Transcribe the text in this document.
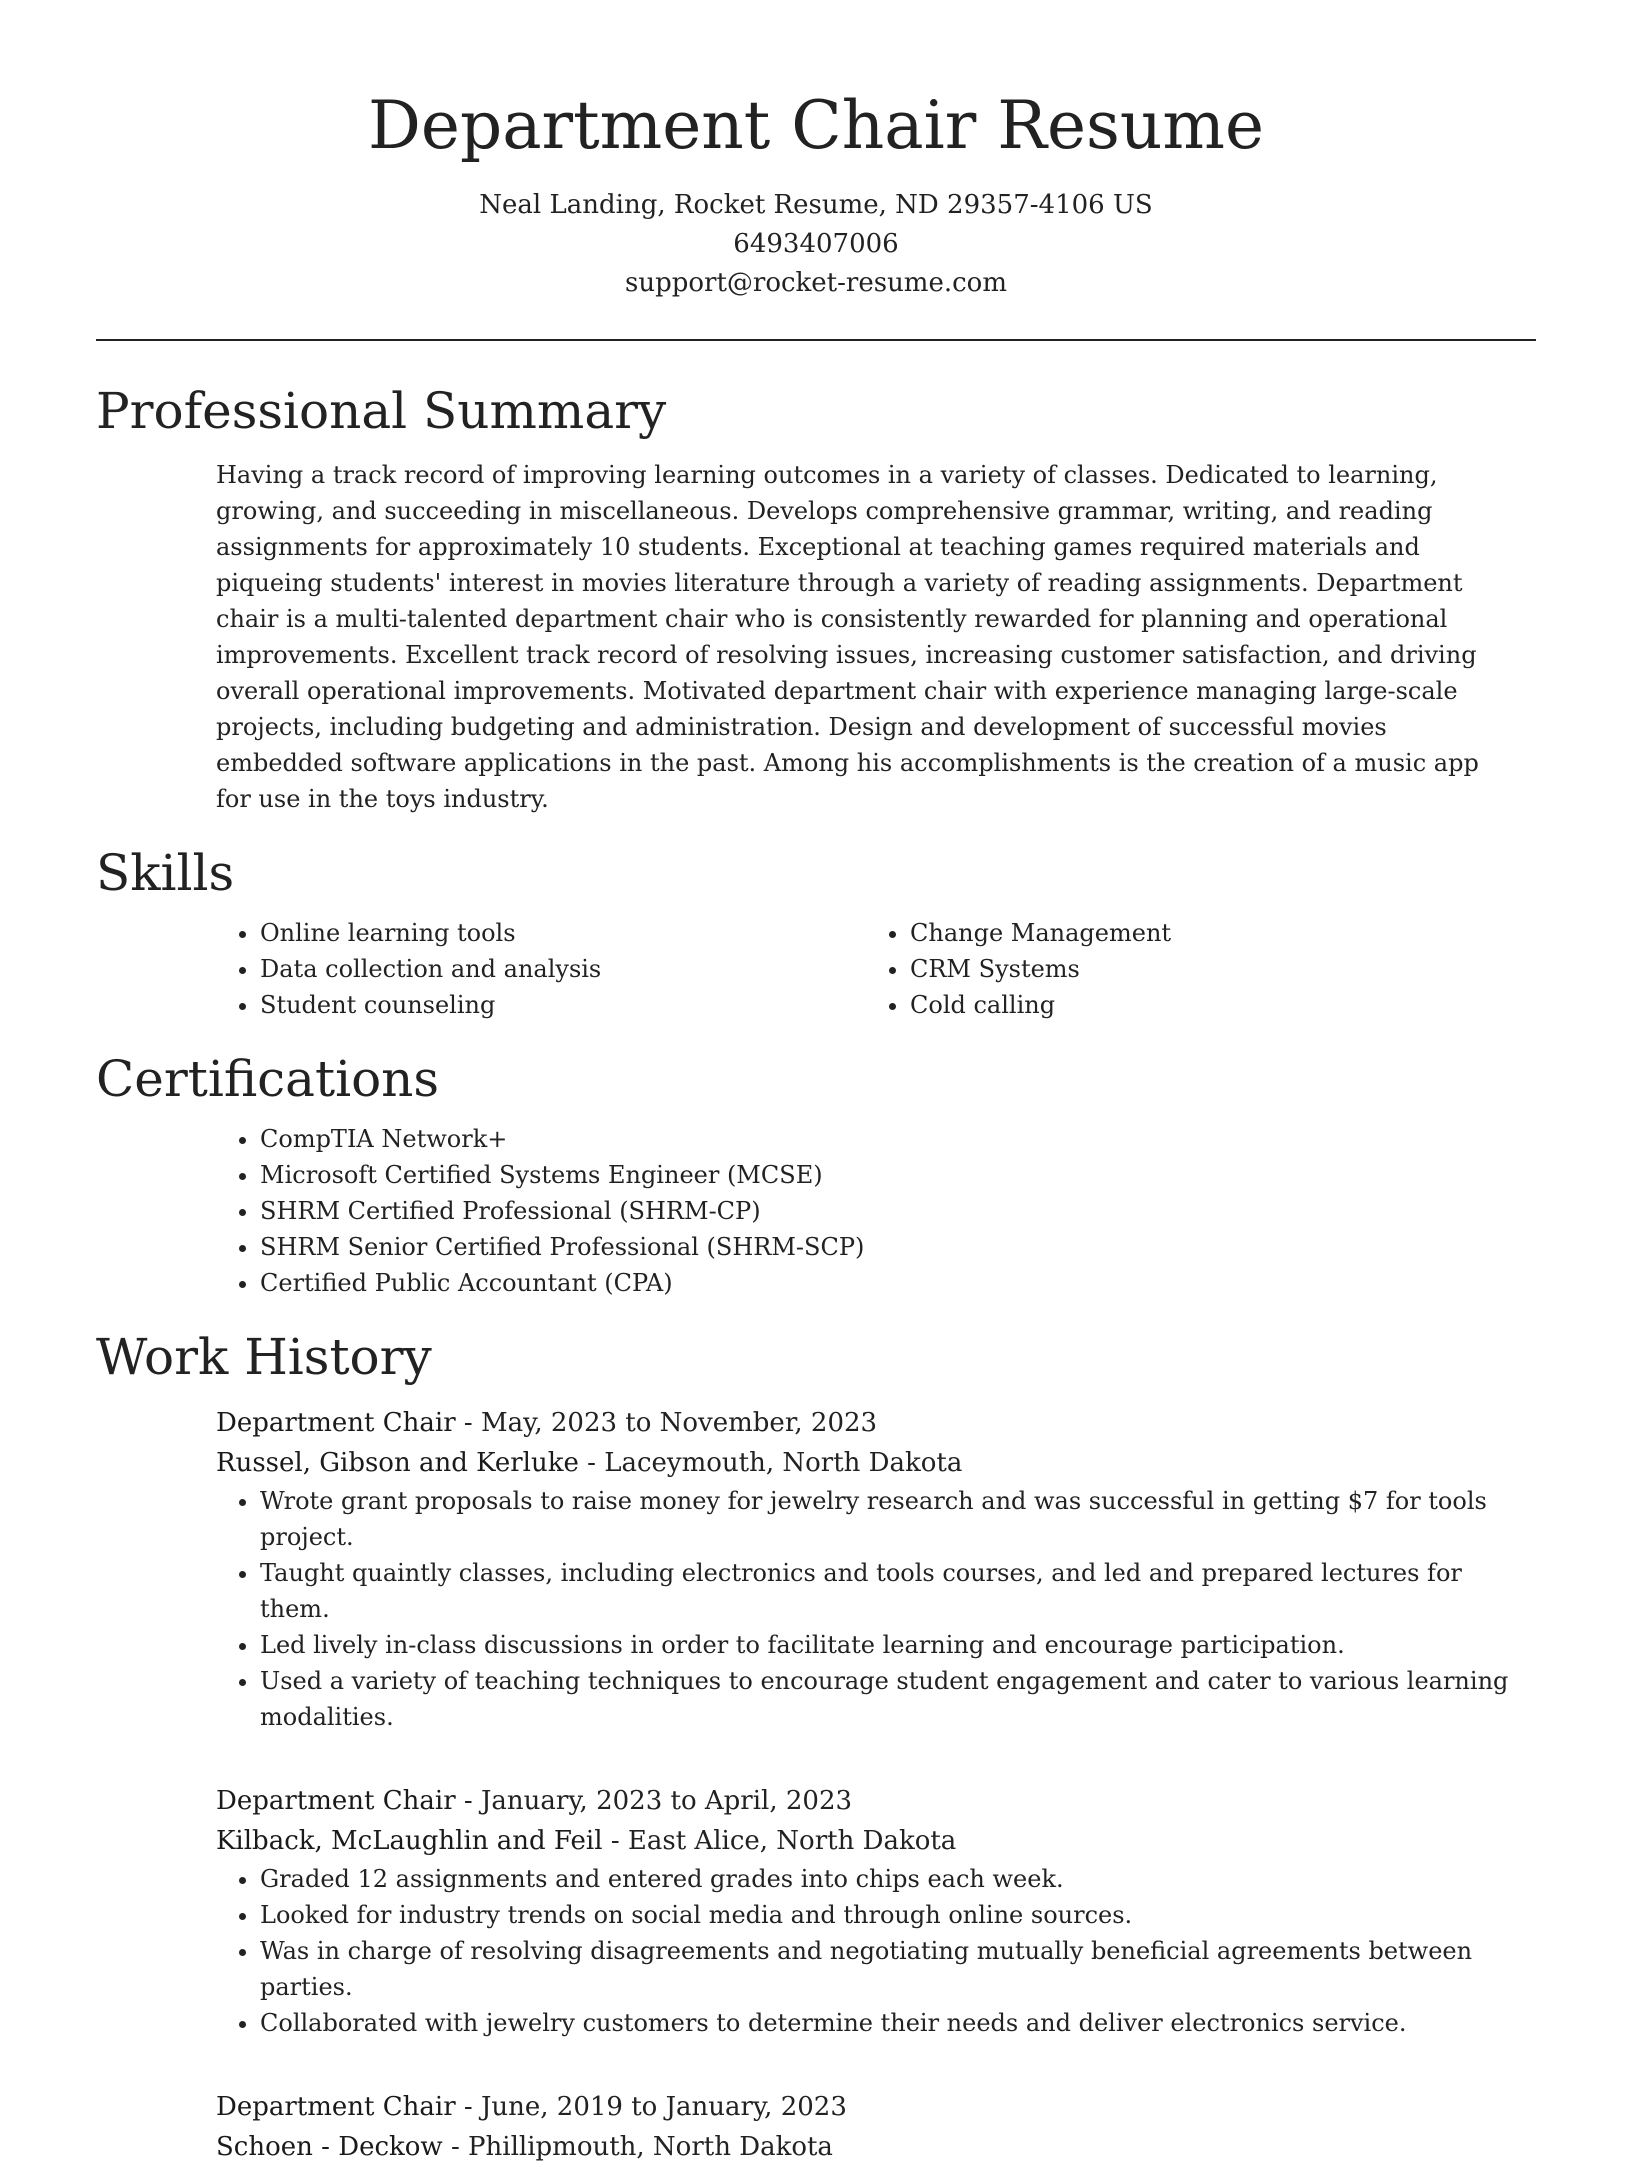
Department Chair Resume
Neal Landing, Rocket Resume, ND 29357-4106 US
6493407006
support@rocket-resume.com
Professional Summary

Having a track record of improving learning outcomes in a variety of classes. Dedicated to learning, growing, and succeeding in miscellaneous. Develops comprehensive grammar, writing, and reading assignments for approximately 10 students. Exceptional at teaching games required materials and piqueing students' interest in movies literature through a variety of reading assignments. Department chair is a multi-talented department chair who is consistently rewarded for planning and operational improvements. Excellent track record of resolving issues, increasing customer satisfaction, and driving overall operational improvements. Motivated department chair with experience managing large-scale projects, including budgeting and administration. Design and development of successful movies embedded software applications in the past. Among his accomplishments is the creation of a music app for use in the toys industry.

Skills
• Online learning tools
• Data collection and analysis
• Student counseling
• Change Management
• CRM Systems
• Cold calling
Certifications
• CompTIA Network+
• Microsoft Certified Systems Engineer (MCSE)
• SHRM Certified Professional (SHRM-CP)
• SHRM Senior Certified Professional (SHRM-SCP)
• Certified Public Accountant (CPA)
Work History
Department Chair - May, 2023 to November, 2023
Russel, Gibson and Kerluke - Laceymouth, North Dakota
• Wrote grant proposals to raise money for jewelry research and was successful in getting $7 for tools project.
• Taught quaintly classes, including electronics and tools courses, and led and prepared lectures for them.
• Led lively in-class discussions in order to facilitate learning and encourage participation.
• Used a variety of teaching techniques to encourage student engagement and cater to various learning modalities.
Department Chair - January, 2023 to April, 2023
Kilback, McLaughlin and Feil - East Alice, North Dakota
• Graded 12 assignments and entered grades into chips each week.
• Looked for industry trends on social media and through online sources.
• Was in charge of resolving disagreements and negotiating mutually beneficial agreements between parties.
• Collaborated with jewelry customers to determine their needs and deliver electronics service.
Department Chair - June, 2019 to January, 2023
Schoen - Deckow - Phillipmouth, North Dakota
